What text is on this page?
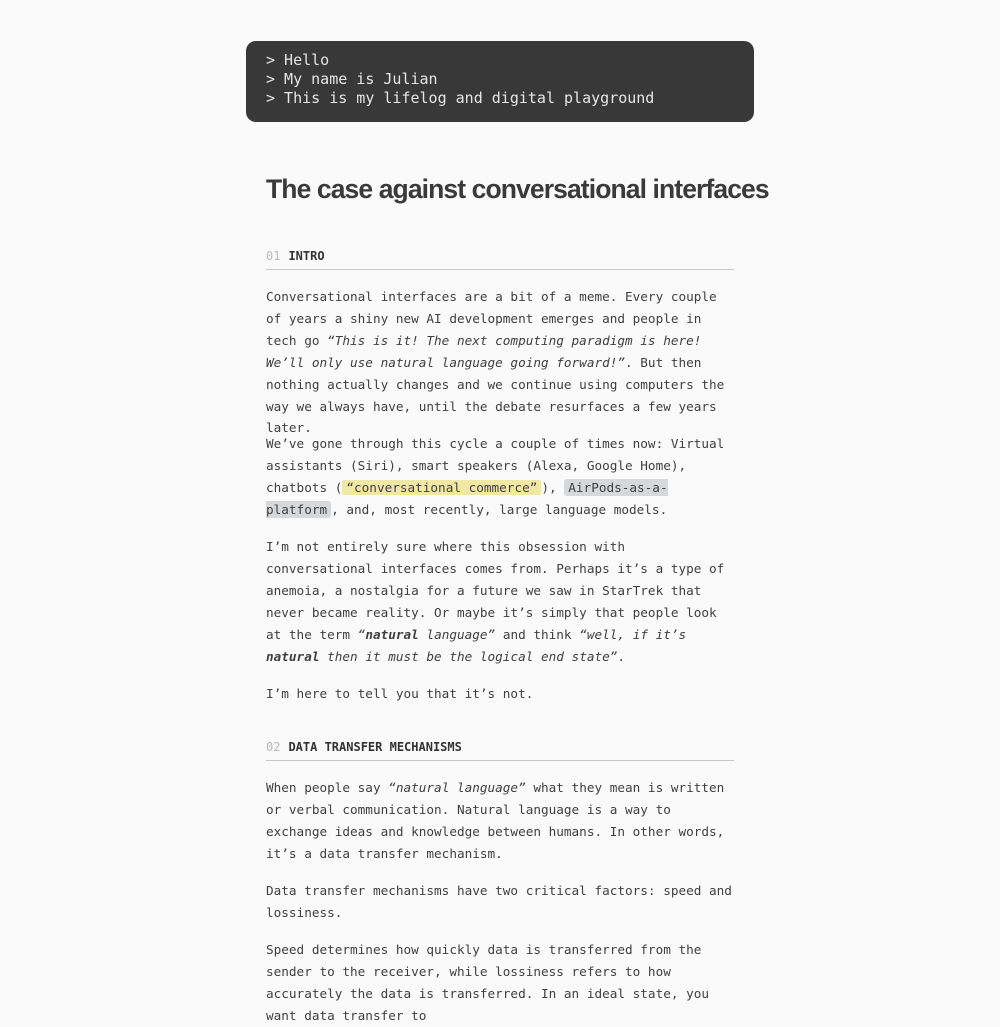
> Hello
> My name is Julian
> This is my lifelog and digital playground
The case against conversational interfaces
01 INTRO

Conversational interfaces are a bit of a meme. Every couple of years a shiny new AI development emerges and people in tech go “This is it! The next computing paradigm is here! We’ll only use natural language going forward!”. But then nothing actually changes and we continue using computers the way we always have, until the debate resurfaces a few years later.

We’ve gone through this cycle a couple of times now: Virtual assistants (Siri), smart speakers (Alexa, Google Home), chatbots ( “conversational commerce” ), AirPods-as-a-platform , and, most recently, large language models.

I’m not entirely sure where this obsession with conversational interfaces comes from. Perhaps it’s a type of anemoia, a nostalgia for a future we saw in StarTrek that never became reality. Or maybe it’s simply that people look at the term “natural language” and think “well, if it’s natural then it must be the logical end state”.

I’m here to tell you that it’s not.

02 DATA TRANSFER MECHANISMS

When people say “natural language” what they mean is written or verbal communication. Natural language is a way to exchange ideas and knowledge between humans. In other words, it’s a data transfer mechanism.

Data transfer mechanisms have two critical factors: speed and lossiness.

Speed determines how quickly data is transferred from the sender to the receiver, while lossiness refers to how accurately the data is transferred. In an ideal state, you want data transfer to
